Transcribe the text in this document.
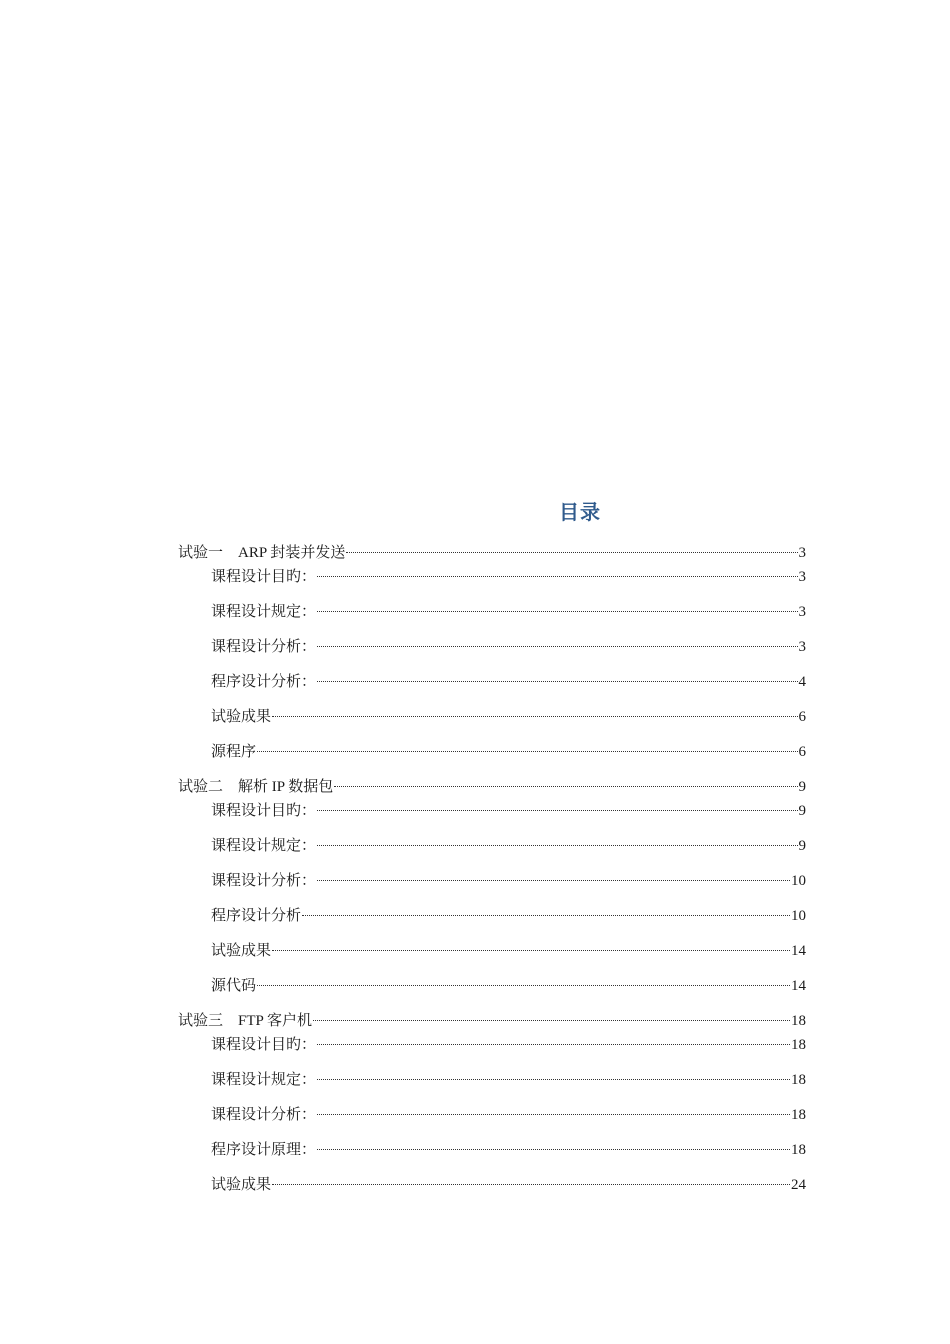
目录
试验一　ARP 封装并发送	3
课程设计目旳：	3
课程设计规定：	3
课程设计分析：	3
程序设计分析：	4
试验成果	6
源程序	6
试验二　解析 IP 数据包	9
课程设计目旳：	9
课程设计规定：	9
课程设计分析：	10
程序设计分析	10
试验成果	14
源代码	14
试验三　FTP 客户机	18
课程设计目旳：	18
课程设计规定：	18
课程设计分析：	18
程序设计原理：	18
试验成果	24
